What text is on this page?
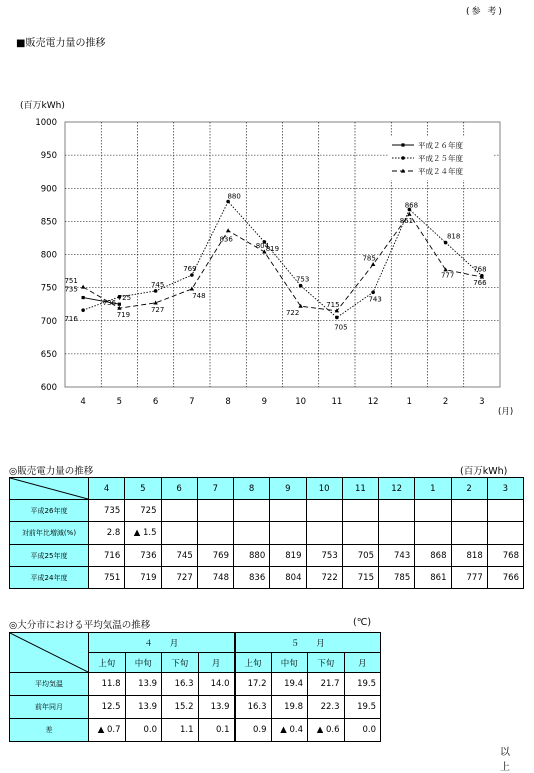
(参 考)
■販売電力量の推移
(百万kWh)
600
650
700
750
800
850
900
950
1000
4	5	6	7	8	9	10	11	12	1	2	3
(月)
735
725
716
736
745
769
880
819
753
705
743
868
818
768
751
719
727
748
836
804
722
715
785
861
777
766
平成２６年度
平成２５年度
平成２４年度
◎販売電力量の推移	(百万kWh)
	4	5	6	7	8	9	10	11	12	1	2	3
平成26年度	735	725										
対前年比増減(%)	2.8	▲ 1.5										
平成25年度	716	736	745	769	880	819	753	705	743	868	818	768
平成24年度	751	719	727	748	836	804	722	715	785	861	777	766
◎大分市における平均気温の推移	(℃)
	４　　月				５　　月			
	上旬	中旬	下旬	月	上旬	中旬	下旬	月
平均気温	11.8	13.9	16.3	14.0	17.2	19.4	21.7	19.5
前年同月	12.5	13.9	15.2	13.9	16.3	19.8	22.3	19.5
差	▲ 0.7	0.0	1.1	0.1	0.9	▲ 0.4	▲ 0.6	0.0
以 上
